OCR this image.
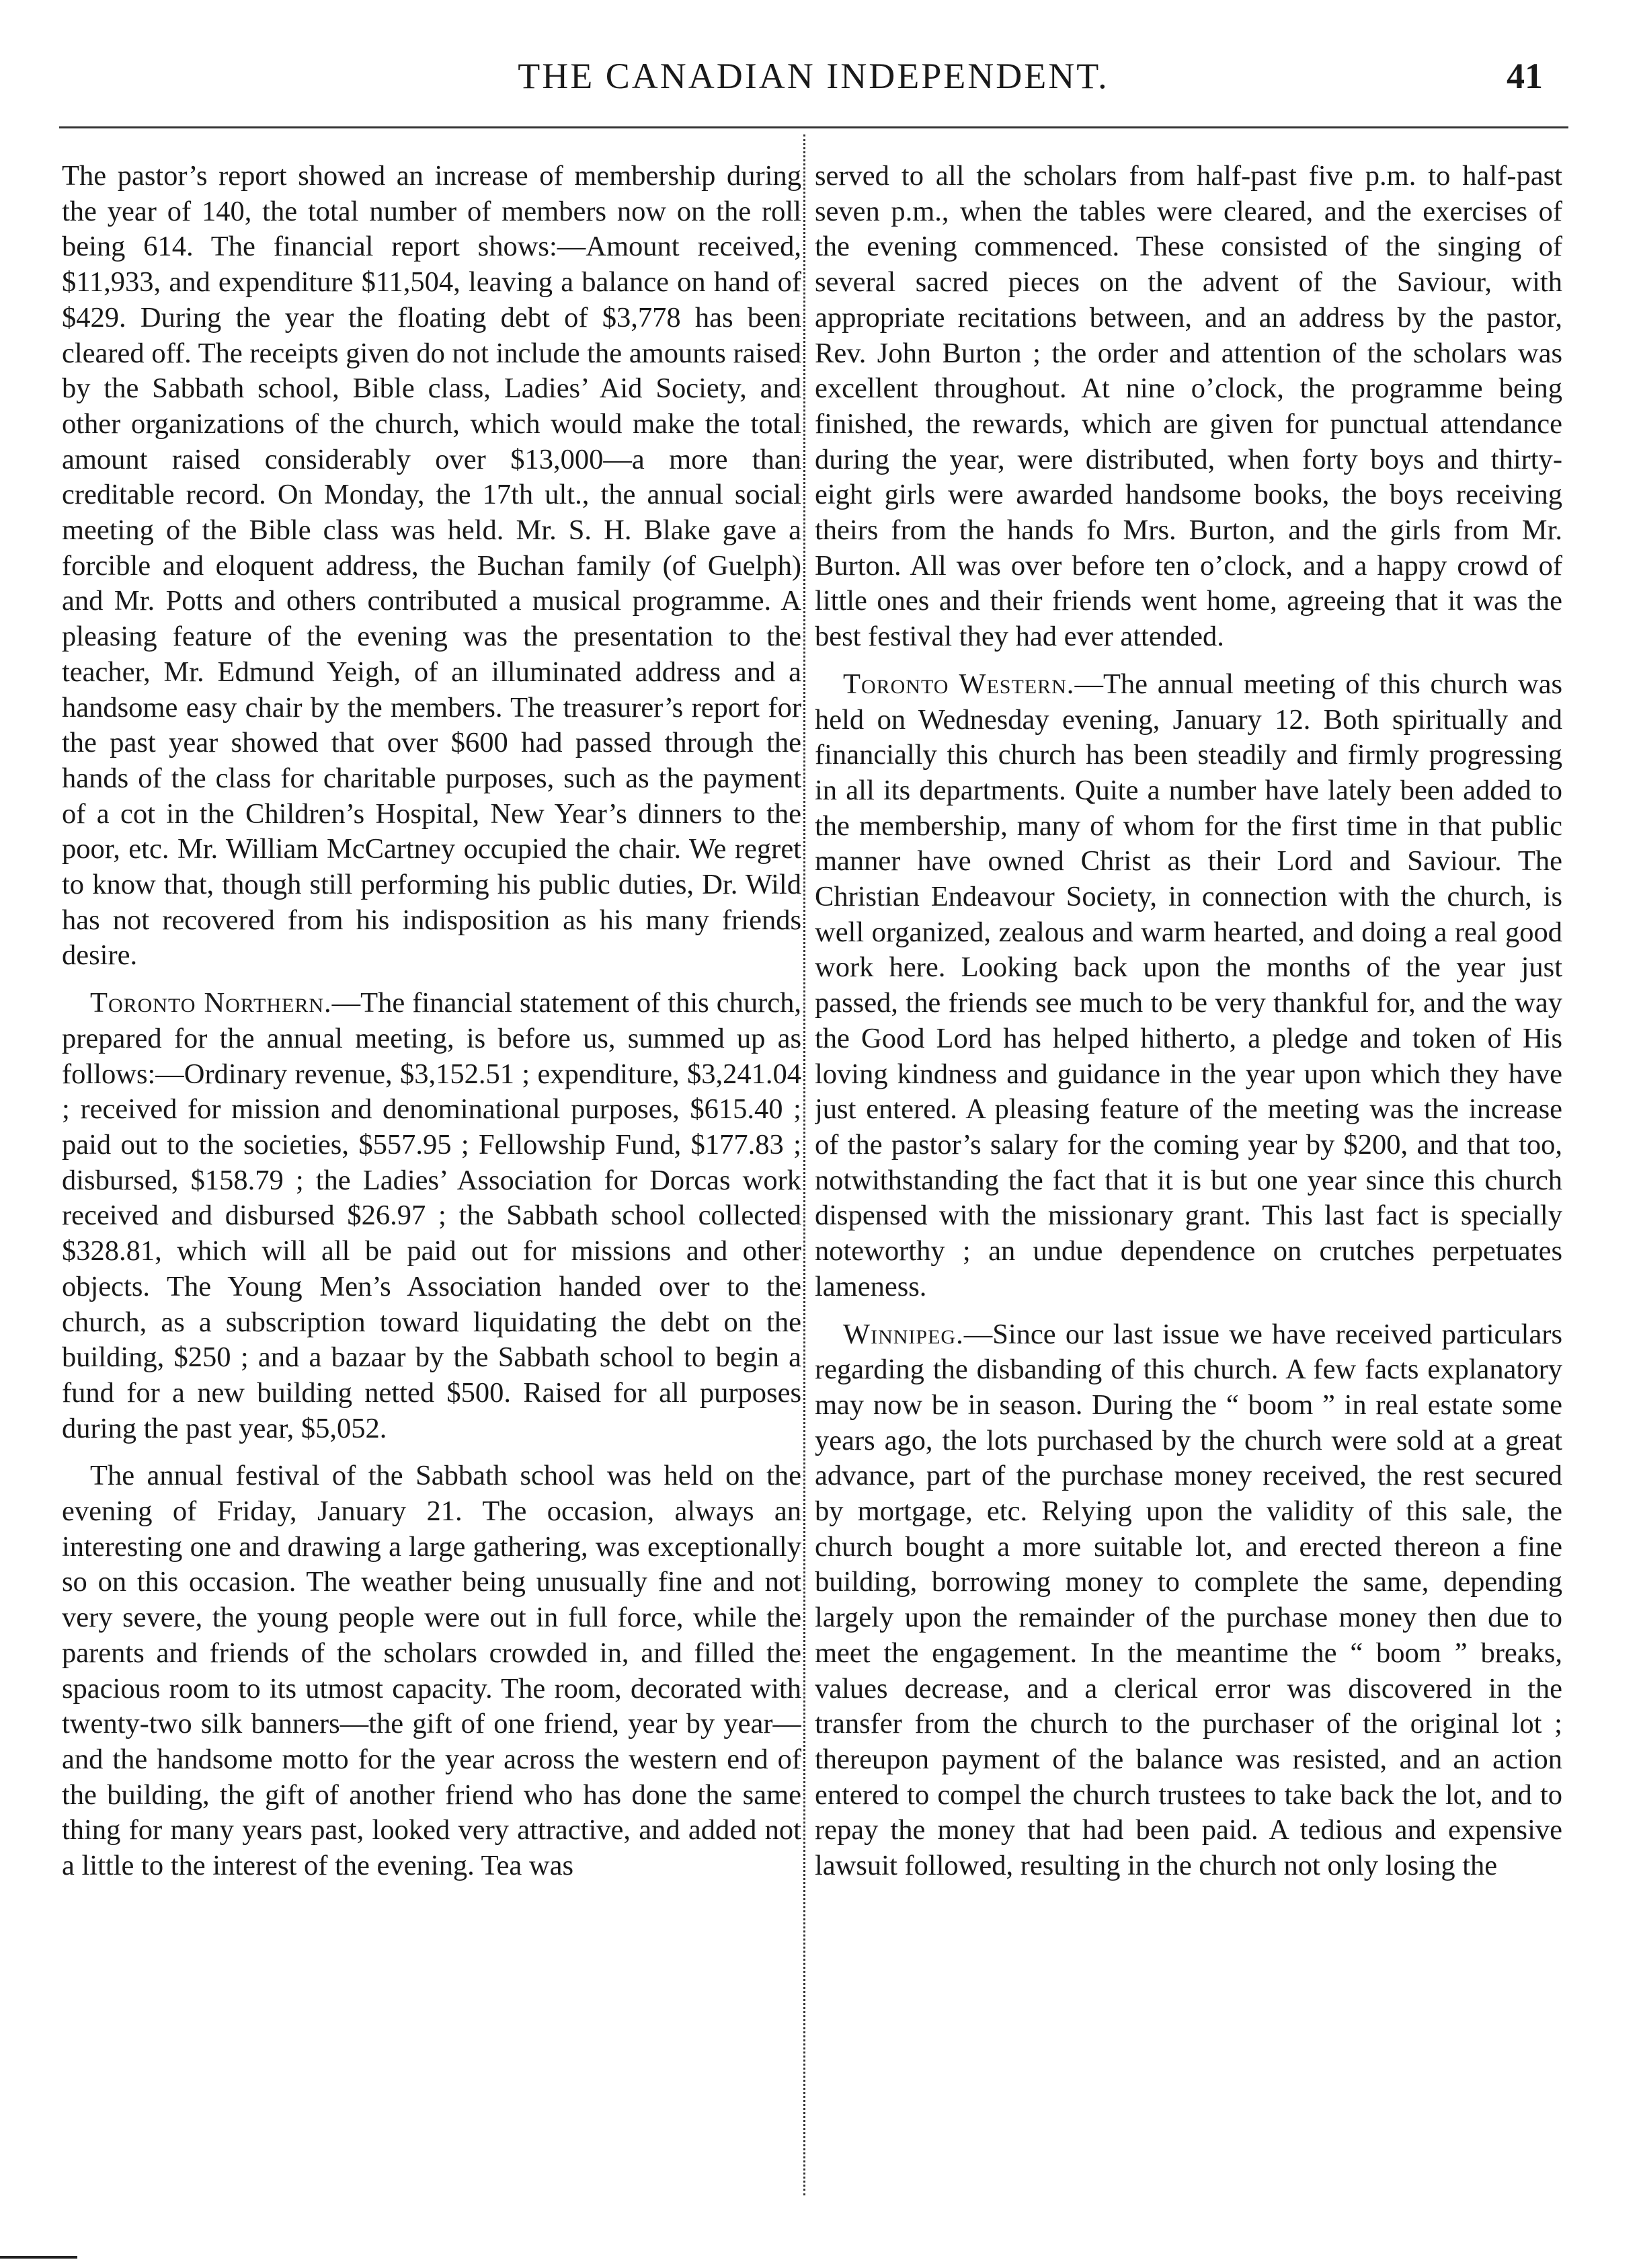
THE CANADIAN INDEPENDENT.	41

The pastor’s report showed an increase of membership during the year of 140, the total number of members now on the roll being 614. The financial report shows:—Amount received, $11,933, and expenditure $11,504, leaving a balance on hand of $429. During the year the floating debt of $3,778 has been cleared off. The receipts given do not include the amounts raised by the Sabbath school, Bible class, Ladies’ Aid Society, and other organizations of the church, which would make the total amount raised considerably over $13,000—a more than creditable record. On Monday, the 17th ult., the annual social meeting of the Bible class was held. Mr. S. H. Blake gave a forcible and eloquent address, the Buchan family (of Guelph) and Mr. Potts and others contributed a musical programme. A pleasing feature of the evening was the presentation to the teacher, Mr. Edmund Yeigh, of an illuminated address and a handsome easy chair by the members. The treasurer’s report for the past year showed that over $600 had passed through the hands of the class for charitable purposes, such as the payment of a cot in the Children’s Hospital, New Year’s dinners to the poor, etc. Mr. William McCartney occupied the chair. We regret to know that, though still performing his public duties, Dr. Wild has not recovered from his indisposition as his many friends desire.

Toronto Northern.—The financial statement of this church, prepared for the annual meeting, is before us, summed up as follows:—Ordinary revenue, $3,152.51 ; expenditure, $3,241.04 ; received for mission and denominational purposes, $615.40 ; paid out to the societies, $557.95 ; Fellowship Fund, $177.83 ; disbursed, $158.79 ; the Ladies’ Association for Dorcas work received and disbursed $26.97 ; the Sabbath school collected $328.81, which will all be paid out for missions and other objects. The Young Men’s Association handed over to the church, as a subscription toward liquidating the debt on the building, $250 ; and a bazaar by the Sabbath school to begin a fund for a new building netted $500. Raised for all purposes during the past year, $5,052.

The annual festival of the Sabbath school was held on the evening of Friday, January 21. The occasion, always an interesting one and drawing a large gathering, was exceptionally so on this occasion. The weather being unusually fine and not very severe, the young people were out in full force, while the parents and friends of the scholars crowded in, and filled the spacious room to its utmost capacity. The room, decorated with twenty-two silk banners—the gift of one friend, year by year—and the handsome motto for the year across the western end of the building, the gift of another friend who has done the same thing for many years past, looked very attractive, and added not a little to the interest of the evening. Tea was

served to all the scholars from half-past five p.m. to half-past seven p.m., when the tables were cleared, and the exercises of the evening commenced. These consisted of the singing of several sacred pieces on the advent of the Saviour, with appropriate recitations between, and an address by the pastor, Rev. John Burton ; the order and attention of the scholars was excellent throughout. At nine o’clock, the programme being finished, the rewards, which are given for punctual attendance during the year, were distributed, when forty boys and thirty-eight girls were awarded handsome books, the boys receiving theirs from the hands fo Mrs. Burton, and the girls from Mr. Burton. All was over before ten o’clock, and a happy crowd of little ones and their friends went home, agreeing that it was the best festival they had ever attended.

Toronto Western.—The annual meeting of this church was held on Wednesday evening, January 12. Both spiritually and financially this church has been steadily and firmly progressing in all its departments. Quite a number have lately been added to the membership, many of whom for the first time in that public manner have owned Christ as their Lord and Saviour. The Christian Endeavour Society, in connection with the church, is well organized, zealous and warm hearted, and doing a real good work here. Looking back upon the months of the year just passed, the friends see much to be very thankful for, and the way the Good Lord has helped hitherto, a pledge and token of His loving kindness and guidance in the year upon which they have just entered. A pleasing feature of the meeting was the increase of the pastor’s salary for the coming year by $200, and that too, notwithstanding the fact that it is but one year since this church dispensed with the missionary grant. This last fact is specially noteworthy ; an undue dependence on crutches perpetuates lameness.

Winnipeg.—Since our last issue we have received particulars regarding the disbanding of this church. A few facts explanatory may now be in season. During the “ boom ” in real estate some years ago, the lots purchased by the church were sold at a great advance, part of the purchase money received, the rest secured by mortgage, etc. Relying upon the validity of this sale, the church bought a more suitable lot, and erected thereon a fine building, borrowing money to complete the same, depending largely upon the remainder of the purchase money then due to meet the engagement. In the meantime the “ boom ” breaks, values decrease, and a clerical error was discovered in the transfer from the church to the purchaser of the original lot ; thereupon payment of the balance was resisted, and an action entered to compel the church trustees to take back the lot, and to repay the money that had been paid. A tedious and expensive lawsuit followed, resulting in the church not only losing the
